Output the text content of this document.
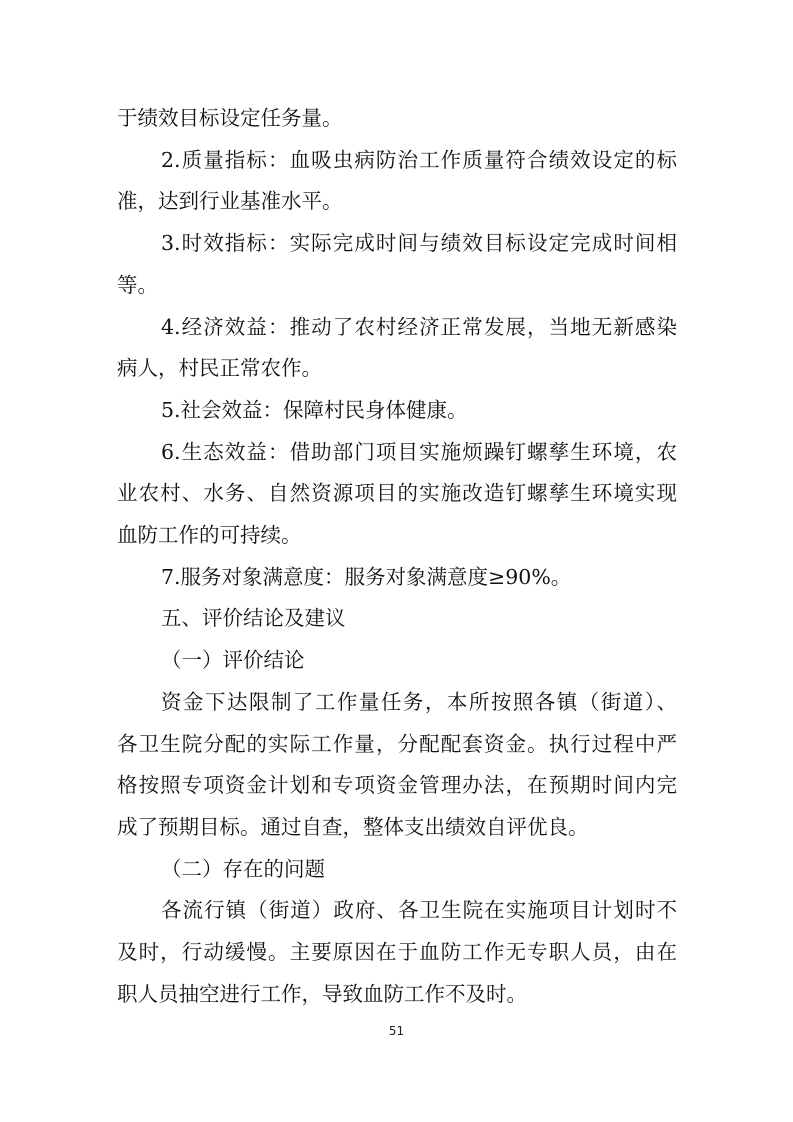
于绩效目标设定任务量。
2.质量指标：血吸虫病防治工作质量符合绩效设定的标
准，达到行业基准水平。
3.时效指标：实际完成时间与绩效目标设定完成时间相
等。
4.经济效益：推动了农村经济正常发展，当地无新感染
病人，村民正常农作。
5.社会效益：保障村民身体健康。
6.生态效益：借助部门项目实施烦躁钉螺孳生环境，农
业农村、水务、自然资源项目的实施改造钉螺孳生环境实现
血防工作的可持续。
7.服务对象满意度：服务对象满意度≥90%。
五、评价结论及建议
（一）评价结论
资金下达限制了工作量任务，本所按照各镇（街道）、
各卫生院分配的实际工作量，分配配套资金。执行过程中严
格按照专项资金计划和专项资金管理办法，在预期时间内完
成了预期目标。通过自查，整体支出绩效自评优良。
（二）存在的问题
各流行镇（街道）政府、各卫生院在实施项目计划时不
及时，行动缓慢。主要原因在于血防工作无专职人员，由在
职人员抽空进行工作，导致血防工作不及时。
51
